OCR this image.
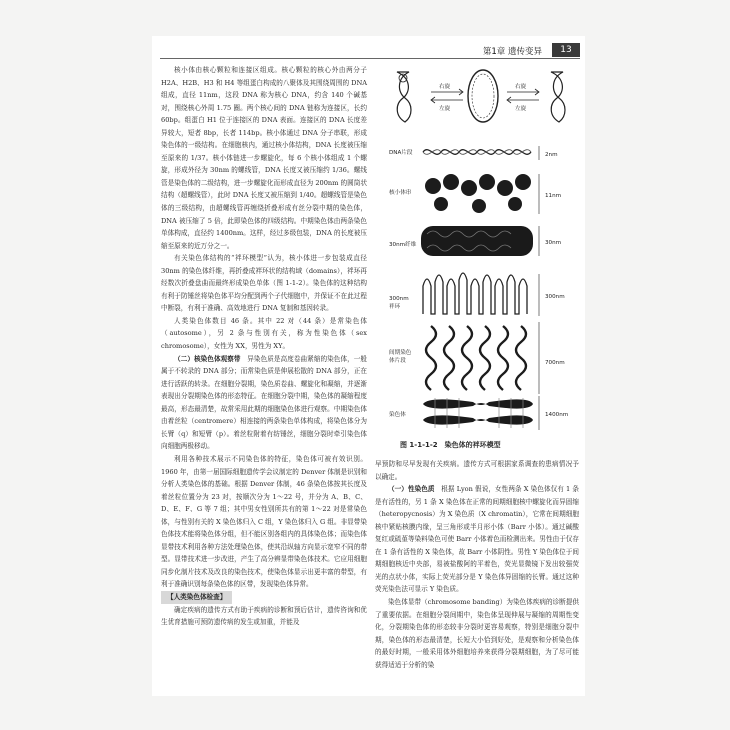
第1章 遗传变异	13

核小体由核心颗粒和连接区组成。核心颗粒的核心外由两分子 H2A、H2B、H3 和 H4 等组蛋白构成的八聚体及其围绕周围的 DNA 组成，直径 11nm，这段 DNA 称为核心 DNA，约含 140 个碱基对，围绕核心外周 1.75 圈。两个核心间的 DNA 链称为连接区，长约 60bp。组蛋白 H1 位于连接区的 DNA 表面。连接区的 DNA 长度差异较大，短者 8bp，长者 114bp。核小体通过 DNA 分子串联，形成染色体的一级结构。在细胞核内，通过核小体结构，DNA 长度被压缩至原来的 1/37。核小体链进一步螺旋化，每 6 个核小体组成 1 个螺旋，形成外径为 30nm 的螺线管，DNA 长度又被压缩约 1/36。螺线管是染色体的二级结构，进一步螺旋化而形成直径为 200nm 的圆筒状结构（超螺线管），此时 DNA 长度又被压缩到 1/40。超螺线管是染色体的三级结构，由超螺线管再缠绕折叠形成有丝分裂中期的染色体，DNA 被压缩了 5 倍，此即染色体的四级结构。中期染色体由两条染色单体构成，直径约 1400nm。这样，经过多级包装，DNA 的长度被压缩至原来的近万分之一。

有关染色体结构的“袢环模型”认为，核小体进一步包装成直径 30nm 的染色体纤维，再折叠成袢环状的结构域（domains），袢环再经数次折叠盘曲而最终形成染色单体（图 1-1-2）。染色体的这种结构有利于防锤丝将染色体平均分配到两个子代细胞中，并保证不在此过程中断裂，有利于准确、高效地进行 DNA 复制和基因转录。

人类染色体数目 46 条。其中 22 对（44 条）是常染色体（autosome），另 2 条与性别有关，称为性染色体（sex chromosome），女性为 XX，男性为 XY。

（二）核染色体观察带　 异染色质是高度卷曲紧缩的染色体，一般属于不转录的 DNA 部分；而常染色质是伸展松散的 DNA 部分，正在进行活跃的转录。在细胞分裂期，染色质卷曲、螺旋化和凝缩，并逐渐表现出分裂期染色体的形态特征。在细胞分裂中期，染色体的凝缩程度最高，形态最清楚，故常采用此期的细胞染色体进行观察。中期染色体由着丝粒（centromere）相连接的两条染色单体构成，将染色体分为长臂（q）和短臂（p）。着丝粒附着有纺锤丝，细胞分裂时牵引染色体向细胞两极移动。

利用各种技术展示不同染色体的特征，染色体可被有效识别。1960 年，由第一届国际细胞遗传学会议制定的 Denver 体制是识别和分析人类染色体的基础。根据 Denver 体制，46 条染色体按其长度及着丝粒位置分为 23 对，按顺次分为 1～22 号，并分为 A、B、C、D、E、F、G 等 7 组；其中男女性别所共有的第 1～22 对是常染色体，与性别有关的 X 染色体归入 C 组，Y 染色体归入 G 组。非显带染色体技术能将染色体分组，但不能区别各组内的具体染色体；而染色体显带技术利用各种方法处理染色体，使其沿纵轴方向显示宽窄不同的带型。显带技术进一步改进，产生了高分辨显带染色体技术。它应用细胞同步化制片技术及改良的染色技术，使染色体显示出更丰富的带型，有利于准确识别每条染色体的区带，发现染色体异常。

【人类染色体检查】

确定疾病的遗传方式有助于疾病的诊断和预后估计，遗传咨询和优生优育措施可预防遗传病的发生或加重，并能及

右旋
左旋
右旋
左旋
DNA片段	2nm
核小体串	11nm
30nm纤维	30nm
300nm
袢环
300nm
间期染色
体片段	700nm
染色体	1400nm
图 1-1-1-2　染色体的袢环模型

早预防和尽早发现有关疾病。遗传方式可根据家系调查的患病情况予以确定。

（一）性染色质　 根据 Lyon 假说，女性两条 X 染色体仅有 1 条是有活性的，另 1 条 X 染色体在正常的间期细胞核中螺旋化而异固缩（heteropycnosis）为 X 染色质（X chromatin），它常在间期细胞核中紧贴核膜内缘，呈三角形或半月形小体（Barr 小体）。通过碱酸复红或硫堇等染料染色可使 Barr 小体着色而检测出来。男性由于仅存在 1 条有活性的 X 染色体，故 Barr 小体阴性。男性 Y 染色体位于间期细胞核近中央部，易被盐酸阿的平着色，荧光显微镜下发出较强荧光的点状小体，实际上荧光部分是 Y 染色体异固缩的长臂。通过这种荧光染色法可显示 Y 染色质。

染色体显带（chromosome banding）为染色体疾病的诊断提供了重要依据。在细胞分裂间期中，染色体呈现伸展与凝缩的周期性变化，分裂期染色体的形态较非分裂时更容易观察，特别是细胞分裂中期，染色体的形态最清楚，长短大小恰到好处，是观察和分析染色体的最好时期，一般采用体外细胞培养来获得分裂期细胞，为了尽可能获得适适于分析的染
